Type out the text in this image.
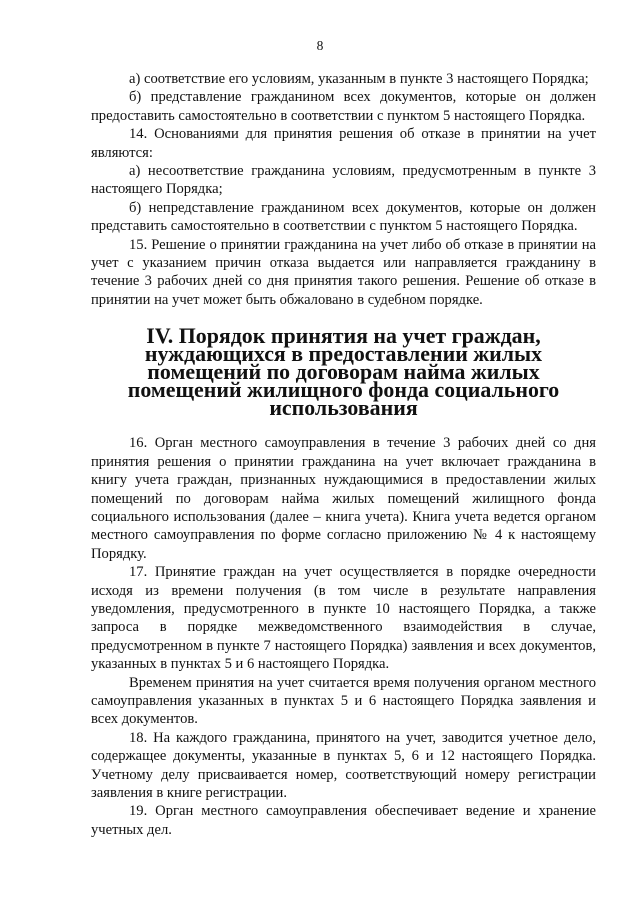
8

а) соответствие его условиям, указанным в пункте 3 настоящего Порядка;

б) представление гражданином всех документов, которые он должен предоставить самостоятельно в соответствии с пунктом 5 настоящего Порядка.

14. Основаниями для принятия решения об отказе в принятии на учет являются:

а) несоответствие гражданина условиям, предусмотренным в пункте 3 настоящего Порядка;

б) непредставление гражданином всех документов, которые он должен представить самостоятельно в соответствии с пунктом 5 настоящего Порядка.

15. Решение о принятии гражданина на учет либо об отказе в принятии на учет с указанием причин отказа выдается или направляется гражданину в течение 3 рабочих дней со дня принятия такого решения. Решение об отказе в принятии на учет может быть обжаловано в судебном порядке.

IV. Порядок принятия на учет граждан, нуждающихся в предоставлении жилых помещений по договорам найма жилых помещений жилищного фонда социального использования

16. Орган местного самоуправления в течение 3 рабочих дней со дня принятия решения о принятии гражданина на учет включает гражданина в книгу учета граждан, признанных нуждающимися в предоставлении жилых помещений по договорам найма жилых помещений жилищного фонда социального использования (далее – книга учета). Книга учета ведется органом местного самоуправления по форме согласно приложению № 4 к настоящему Порядку.

17. Принятие граждан на учет осуществляется в порядке очередности исходя из времени получения (в том числе в результате направления уведомления, предусмотренного в пункте 10 настоящего Порядка, а также запроса в порядке межведомственного взаимодействия в случае, предусмотренном в пункте 7 настоящего Порядка) заявления и всех документов, указанных в пунктах 5 и 6 настоящего Порядка.

Временем принятия на учет считается время получения органом местного самоуправления указанных в пунктах 5 и 6 настоящего Порядка заявления и всех документов.

18. На каждого гражданина, принятого на учет, заводится учетное дело, содержащее документы, указанные в пунктах 5, 6 и 12 настоящего Порядка. Учетному делу присваивается номер, соответствующий номеру регистрации заявления в книге регистрации.

19. Орган местного самоуправления обеспечивает ведение и хранение учетных дел.
